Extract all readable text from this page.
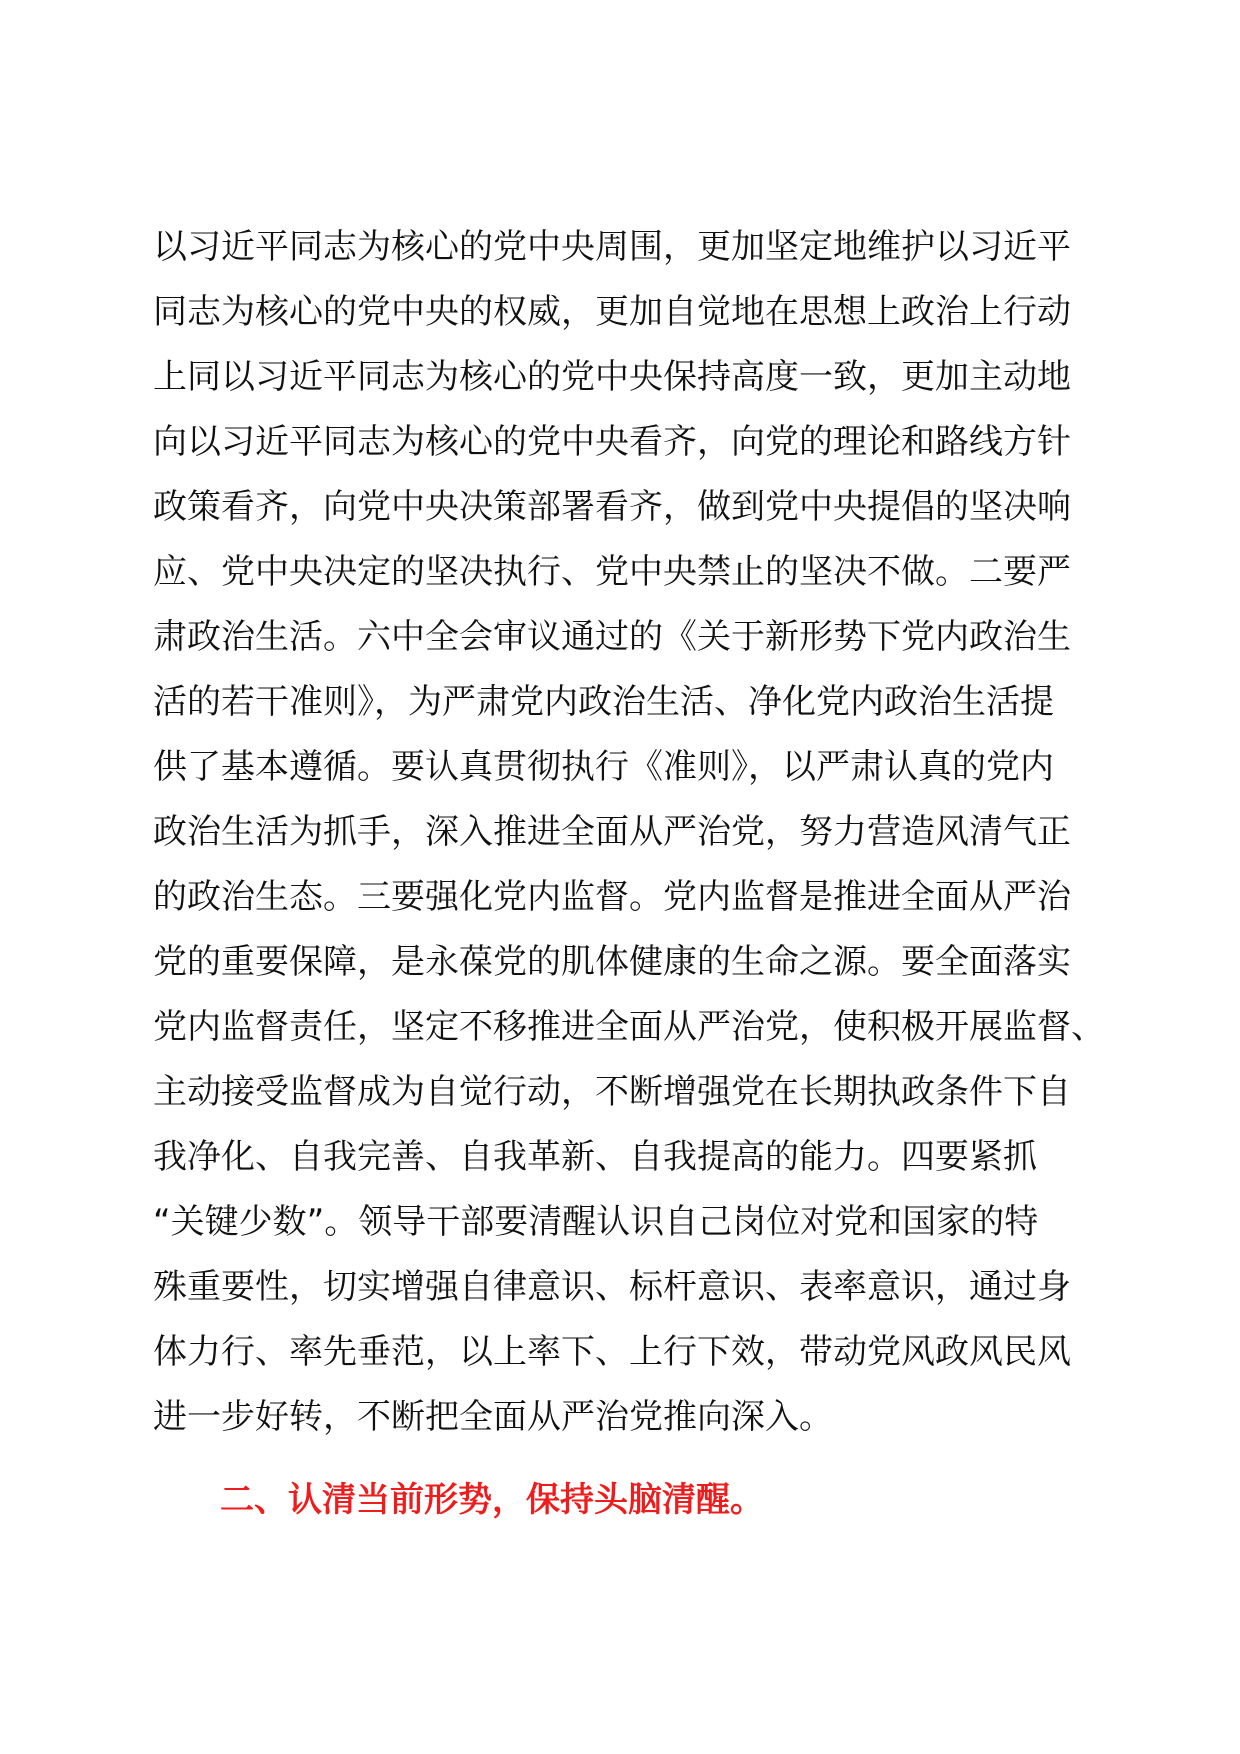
以习近平同志为核心的党中央周围，更加坚定地维护以习近平
同志为核心的党中央的权威，更加自觉地在思想上政治上行动
上同以习近平同志为核心的党中央保持高度一致，更加主动地
向以习近平同志为核心的党中央看齐，向党的理论和路线方针
政策看齐，向党中央决策部署看齐，做到党中央提倡的坚决响
应、党中央决定的坚决执行、党中央禁止的坚决不做。二要严
肃政治生活。六中全会审议通过的《关于新形势下党内政治生
活的若干准则》，为严肃党内政治生活、净化党内政治生活提
供了基本遵循。要认真贯彻执行《准则》，以严肃认真的党内
政治生活为抓手，深入推进全面从严治党，努力营造风清气正
的政治生态。三要强化党内监督。党内监督是推进全面从严治
党的重要保障，是永葆党的肌体健康的生命之源。要全面落实
党内监督责任，坚定不移推进全面从严治党，使积极开展监督、
主动接受监督成为自觉行动，不断增强党在长期执政条件下自
我净化、自我完善、自我革新、自我提高的能力。四要紧抓
“关键少数”。领导干部要清醒认识自己岗位对党和国家的特
殊重要性，切实增强自律意识、标杆意识、表率意识，通过身
体力行、率先垂范，以上率下、上行下效，带动党风政风民风
进一步好转，不断把全面从严治党推向深入。
二、认清当前形势，保持头脑清醒。
